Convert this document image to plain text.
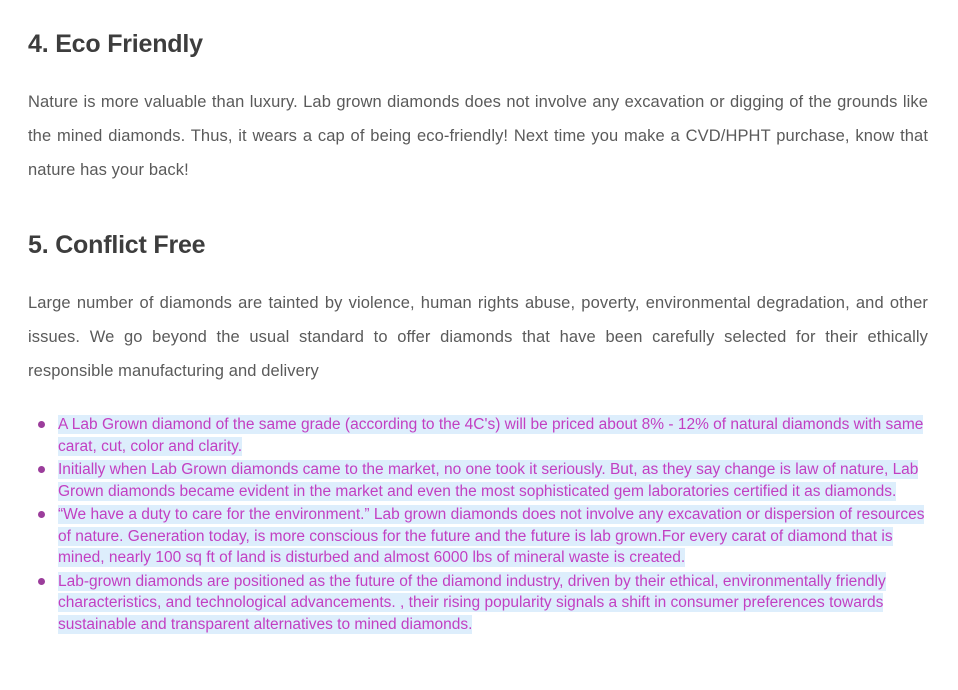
4. Eco Friendly

Nature is more valuable than luxury. Lab grown diamonds does not involve any excavation or digging of the grounds like the mined diamonds. Thus, it wears a cap of being eco-friendly! Next time you make a CVD/HPHT purchase, know that nature has your back!

5. Conflict Free

Large number of diamonds are tainted by violence, human rights abuse, poverty, environmental degradation, and other issues. We go beyond the usual standard to offer diamonds that have been carefully selected for their ethically responsible manufacturing and delivery

A Lab Grown diamond of the same grade (according to the 4C's) will be priced about 8% - 12% of natural diamonds with same carat, cut, color and clarity.
Initially when Lab Grown diamonds came to the market, no one took it seriously. But, as they say change is law of nature, Lab Grown diamonds became evident in the market and even the most sophisticated gem laboratories certified it as diamonds.
“We have a duty to care for the environment.” Lab grown diamonds does not involve any excavation or dispersion of resources of nature. Generation today, is more conscious for the future and the future is lab grown.For every carat of diamond that is mined, nearly 100 sq ft of land is disturbed and almost 6000 lbs of mineral waste is created.
Lab-grown diamonds are positioned as the future of the diamond industry, driven by their ethical, environmentally friendly characteristics, and technological advancements. , their rising popularity signals a shift in consumer preferences towards sustainable and transparent alternatives to mined diamonds.
